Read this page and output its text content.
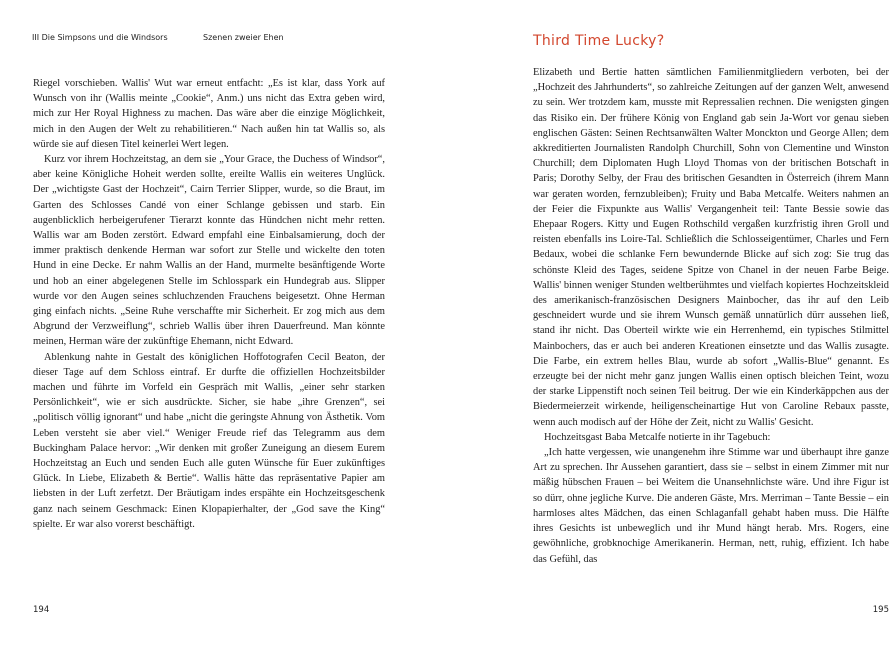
III Die Simpsons und die Windsors	Szenen zweier Ehen

Riegel vorschieben. Wallis' Wut war erneut entfacht: „Es ist klar, dass York auf Wunsch von ihr (Wallis meinte „Cookie“, Anm.) uns nicht das Extra geben wird, mich zur Her Royal Highness zu machen. Das wäre aber die einzige Möglichkeit, mich in den Augen der Welt zu rehabilitieren.“ Nach außen hin tat Wallis so, als würde sie auf diesen Titel keinerlei Wert legen.

Kurz vor ihrem Hochzeitstag, an dem sie „Your Grace, the Duchess of Windsor“, aber keine Königliche Hoheit werden sollte, ereilte Wallis ein weiteres Unglück. Der „wichtigste Gast der Hochzeit“, Cairn Terrier Slipper, wurde, so die Braut, im Garten des Schlosses Candé von einer Schlange gebissen und starb. Ein augenblicklich herbeigerufener Tierarzt konnte das Hündchen nicht mehr retten. Wallis war am Boden zerstört. Edward empfahl eine Einbalsamierung, doch der immer praktisch denkende Herman war sofort zur Stelle und wickelte den toten Hund in eine Decke. Er nahm Wallis an der Hand, murmelte besänftigende Worte und hob an einer abgelegenen Stelle im Schlosspark ein Hundegrab aus. Slipper wurde vor den Augen seines schluchzenden Frauchens beigesetzt. Ohne Herman ging einfach nichts. „Seine Ruhe verschaffte mir Sicherheit. Er zog mich aus dem Abgrund der Verzweiflung“, schrieb Wallis über ihren Dauerfreund. Man könnte meinen, Herman wäre der zukünftige Ehemann, nicht Edward.

Ablenkung nahte in Gestalt des königlichen Hoffotografen Cecil Beaton, der dieser Tage auf dem Schloss eintraf. Er durfte die offiziellen Hochzeitsbilder machen und führte im Vorfeld ein Gespräch mit Wallis, „einer sehr starken Persönlichkeit“, wie er sich ausdrückte. Sicher, sie habe „ihre Grenzen“, sei „politisch völlig ignorant“ und habe „nicht die geringste Ahnung von Ästhetik. Vom Leben versteht sie aber viel.“ Weniger Freude rief das Telegramm aus dem Buckingham Palace hervor: „Wir denken mit großer Zuneigung an diesem Eurem Hochzeitstag an Euch und senden Euch alle guten Wünsche für Euer zukünftiges Glück. In Liebe, Elizabeth & Bertie“. Wallis hätte das repräsentative Papier am liebsten in der Luft zerfetzt. Der Bräutigam indes erspähte ein Hochzeitsgeschenk ganz nach seinem Geschmack: Einen Klopapierhalter, der „God save the King“ spielte. Er war also vorerst beschäftigt.

194
Third Time Lucky?

Elizabeth und Bertie hatten sämtlichen Familienmitgliedern verboten, bei der „Hochzeit des Jahrhunderts“, so zahlreiche Zeitungen auf der ganzen Welt, anwesend zu sein. Wer trotzdem kam, musste mit Repressalien rechnen. Die wenigsten gingen das Risiko ein. Der frühere König von England gab sein Ja-Wort vor genau sieben englischen Gästen: Seinen Rechtsanwälten Walter Monckton und George Allen; dem akkreditierten Journalisten Randolph Churchill, Sohn von Clementine und Winston Churchill; dem Diplomaten Hugh Lloyd Thomas von der britischen Botschaft in Paris; Dorothy Selby, der Frau des britischen Gesandten in Österreich (ihrem Mann war geraten worden, fernzubleiben); Fruity und Baba Metcalfe. Weiters nahmen an der Feier die Fixpunkte aus Wallis' Vergangenheit teil: Tante Bessie sowie das Ehepaar Rogers. Kitty und Eugen Rothschild vergaßen kurzfristig ihren Groll und reisten ebenfalls ins Loire-Tal. Schließlich die Schlosseigentümer, Charles und Fern Bedaux, wobei die schlanke Fern bewundernde Blicke auf sich zog: Sie trug das schönste Kleid des Tages, seidene Spitze von Chanel in der neuen Farbe Beige. Wallis' binnen weniger Stunden weltberühmtes und vielfach kopiertes Hochzeitskleid des amerikanisch-französischen Designers Mainbocher, das ihr auf den Leib geschneidert wurde und sie ihrem Wunsch gemäß unnatürlich dürr aussehen ließ, stand ihr nicht. Das Oberteil wirkte wie ein Herrenhemd, ein typisches Stilmittel Mainbochers, das er auch bei anderen Kreationen einsetzte und das Wallis zusagte. Die Farbe, ein extrem helles Blau, wurde ab sofort „Wallis-Blue“ genannt. Es erzeugte bei der nicht mehr ganz jungen Wallis einen optisch bleichen Teint, wozu der starke Lippenstift noch seinen Teil beitrug. Der wie ein Kinderkäppchen aus der Biedermeierzeit wirkende, heiligenscheinartige Hut von Caroline Rebaux passte, wenn auch modisch auf der Höhe der Zeit, nicht zu Wallis' Gesicht.

Hochzeitsgast Baba Metcalfe notierte in ihr Tagebuch:

„Ich hatte vergessen, wie unangenehm ihre Stimme war und überhaupt ihre ganze Art zu sprechen. Ihr Aussehen garantiert, dass sie – selbst in einem Zimmer mit nur mäßig hübschen Frauen – bei Weitem die Unansehnlichste wäre. Und ihre Figur ist so dürr, ohne jegliche Kurve. Die anderen Gäste, Mrs. Merriman – Tante Bessie – ein harmloses altes Mädchen, das einen Schlaganfall gehabt haben muss. Die Hälfte ihres Gesichts ist unbeweglich und ihr Mund hängt herab. Mrs. Rogers, eine gewöhnliche, grobknochige Amerikanerin. Herman, nett, ruhig, effizient. Ich habe das Gefühl, das

195
